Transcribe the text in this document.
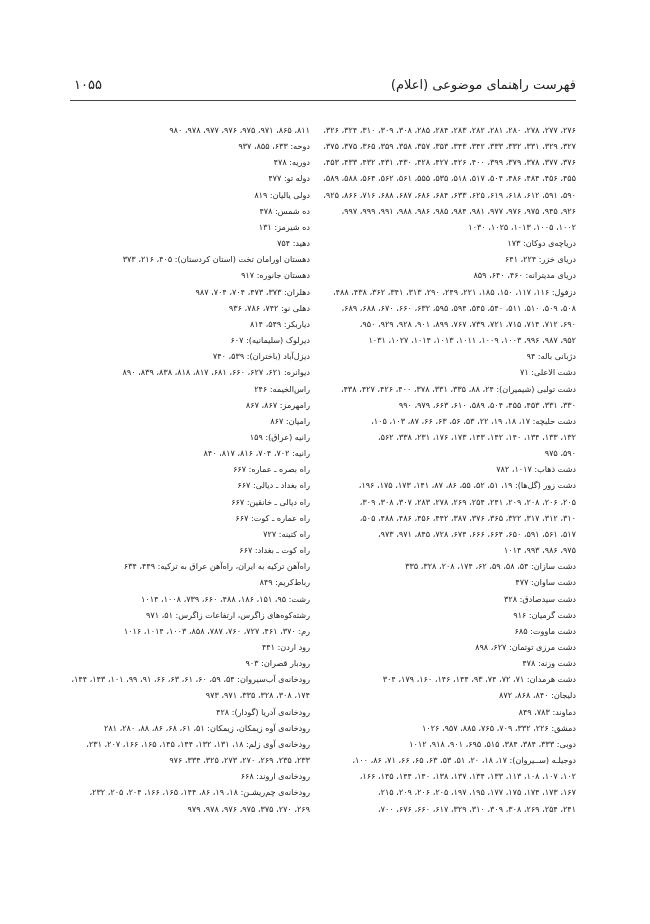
فهرست راهنمای موضوعی (اعلام)
۱۰۵۵
۲۷۶، ۲۷۷، ۲۷۸، ۲۸۰، ۲۸۱، ۲۸۲، ۲۸۳، ۲۸۴، ۲۸۵، ۳۰۸، ۳۰۹، ۳۱۰، ۳۲۴، ۳۲۶،
۳۲۷، ۳۲۹، ۳۳۱، ۳۳۲، ۳۳۳، ۳۴۲، ۳۴۳، ۳۵۳، ۳۵۷، ۳۵۸، ۳۵۹، ۳۶۵، ۳۷۵، ۳۷۵،
۳۷۶، ۳۷۷، ۳۷۸، ۳۷۹، ۳۹۹، ۴۰۰، ۴۲۶، ۴۲۷، ۴۲۸، ۴۳۰، ۴۳۱، ۴۳۲، ۴۳۳، ۴۵۳،
۴۵۵، ۴۵۶، ۴۸۴، ۴۸۶، ۵۰۴، ۵۱۷، ۵۱۸، ۵۳۵، ۵۵۵، ۵۶۱، ۵۶۲، ۵۶۴، ۵۸۸، ۵۸۹،
۵۹۰، ۵۹۱، ۶۱۲، ۶۱۸، ۶۱۹، ۶۲۵، ۶۳۳، ۶۸۴، ۶۸۶، ۶۸۷، ۶۸۸، ۷۱۶، ۸۶۶، ۹۲۵،
۹۲۶، ۹۴۵، ۹۷۵، ۹۷۶، ۹۷۷، ۹۸۱، ۹۸۴، ۹۸۵، ۹۸۶، ۹۸۸، ۹۹۱، ۹۹۹، ۹۹۷،
۱۰۰۲، ۱۰۰۵، ۱۰۱۳، ۱۰۲۵، ۱۰۳۰
دریاچه‌ی دوکان: ۱۷۳
دریای خزر: ۲۲۴، ۶۴۱
دریای مدیترانه: ۴۶۰، ۶۴۰، ۸۵۹
دزفول: ۱۱۶، ۱۱۷، ۱۵۰، ۱۸۵، ۲۲۱، ۲۴۹، ۲۹۰، ۳۱۳، ۳۴۱، ۳۶۲، ۴۳۸، ۴۸۸،
۵۰۸، ۵۰۹، ۵۱۰، ۵۱۱، ۵۴۰، ۵۴۵، ۵۹۴، ۵۹۵، ۶۳۲، ۶۶۰، ۶۷۰، ۶۸۸، ۶۸۹،
۶۹۰، ۷۱۲، ۷۱۴، ۷۱۵، ۷۲۱، ۷۳۹، ۷۶۷، ۸۹۹، ۹۰۱، ۹۲۸، ۹۲۹، ۹۵۰،
۹۵۲، ۹۸۷، ۹۹۶، ۱۰۰۳، ۱۰۰۹، ۱۰۱۱، ۱۰۱۳، ۱۰۱۴، ۱۰۲۷، ۱۰۳۱
دژبانی باله: ۹۴
دشت الاعلی: ۷۱
دشت تولبی (شیمیران): ۲۴، ۸۸، ۳۳۵، ۳۳۱، ۳۷۸، ۴۰۰، ۴۲۶، ۴۲۷، ۴۳۸،
۳۳۰، ۳۳۱، ۴۵۳، ۴۵۵، ۵۰۴، ۵۸۹، ۶۱۰، ۶۶۳، ۹۷۹، ۹۹۰
دشت حلبچه: ۱۷، ۱۸، ۱۹، ۲۲، ۵۳، ۵۶، ۶۳، ۶۶، ۸۷، ۱۰۳، ۱۰۵،
۱۳۲، ۱۳۳، ۱۳۴، ۱۴۰، ۱۴۲، ۱۴۳، ۱۷۳، ۱۷۶، ۲۳۱، ۳۳۸، ۵۶۲،
۵۹۰، ۹۷۵
دشت ذهاب: ۱۰۱۷، ۷۸۲
دشت زور (گل‌ها): ۱۹، ۵۱، ۵۲، ۵۵، ۸۶، ۸۷، ۱۴۱، ۱۷۳، ۱۷۵، ۱۹۶،
۲۰۵، ۲۰۶، ۲۰۸، ۲۰۹، ۲۴۱، ۲۵۴، ۲۶۹، ۲۷۸، ۲۸۳، ۳۰۷، ۳۰۸، ۳۰۹،
۳۱۰، ۳۱۲، ۳۱۷، ۳۲۲، ۳۶۵، ۳۷۶، ۳۸۷، ۴۴۲، ۴۵۶، ۴۸۶، ۴۸۸، ۵۰۵،
۵۱۷، ۵۶۱، ۵۹۱، ۶۵۰، ۶۶۴، ۶۶۶، ۶۷۴، ۷۲۸، ۸۴۵، ۹۷۱، ۹۷۳،
۹۷۵، ۹۸۶، ۹۹۳، ۱۰۱۴
دشت سازان: ۵۴، ۵۸، ۵۹، ۶۲، ۱۷۴، ۲۰۸، ۳۲۸، ۳۳۵
دشت ساوان: ۴۷۷
دشت سیدصادق: ۳۲۸
دشت گرمیان: ۹۱۶
دشت ماووت: ۶۸۵
دشت مرزی توتمان: ۶۲۷، ۸۹۸
دشت وزنه: ۴۷۸
دشت هرمدان: ۷۱، ۷۲، ۷۴، ۹۳، ۱۴۴، ۱۴۶، ۱۶۰، ۱۷۹، ۳۰۴
دلیجان: ۸۴۰، ۸۶۸، ۸۷۲
دماوند: ۷۸۳، ۸۴۹
دمشق: ۲۲۶، ۳۳۲، ۷۰۹، ۷۶۵، ۸۸۵، ۹۵۷، ۱۰۲۶
دوبی: ۳۳۳، ۳۸۴، ۳۸۴، ۵۱۵، ۶۹۵، ۹۰۱، ۹۱۸، ۱۰۱۲
دوجیلـه (ســیروان): ۱۷، ۱۸، ۲۰، ۵۱، ۵۳، ۶۳، ۶۵، ۶۶، ۷۱، ۸۶، ۱۰۰،
۱۰۲، ۱۰۷، ۱۰۸، ۱۱۳، ۱۳۳، ۱۳۴، ۱۳۷، ۱۳۸، ۱۴۰، ۱۴۴، ۱۴۵، ۱۶۶،
۱۶۷، ۱۷۳، ۱۷۴، ۱۷۵، ۱۷۷، ۱۹۵، ۱۹۷، ۲۰۵، ۲۰۶، ۲۰۹، ۲۱۵،
۲۴۱، ۲۵۴، ۲۶۹، ۳۰۸، ۳۰۹، ۳۱۰، ۳۲۹، ۶۱۷، ۶۶۰، ۶۷۶، ۷۰۰،
۸۱۱، ۸۶۵، ۹۷۱، ۹۷۵، ۹۷۶، ۹۷۷، ۹۷۸، ۹۸۰
دوحه: ۶۳۳، ۸۵۵، ۹۳۷
دوریه: ۴۷۸
دوله تو: ۴۷۷
دولی یالیان: ۸۱۹
ده شمس: ۴۷۸
ده شیرمز: ۱۳۱
دهید: ۷۵۴
دهستان اورامان تخت (استان کردستان): ۴۰۵، ۲۱۶، ۳۷۳
دهستان جانوره: ۹۱۷
دهلران: ۳۷۳، ۴۷۳، ۷۰۴، ۷۰۴، ۹۸۷
دهلی نو: ۷۴۲، ۷۸۶، ۹۳۶
دیاربکر: ۵۴۹، ۸۱۴
دیرلوک (سلیمانیه): ۶۰۷
دیزل‌آباد (باختران): ۵۳۹، ۷۴۰
دیوانره: ۶۲۱، ۶۲۷، ۶۶۰، ۶۸۱، ۸۱۷، ۸۱۸، ۸۳۸، ۸۳۹، ۸۹۰
راس‌الخیمه: ۲۴۶
رامهرمز: ۸۶۷، ۸۶۷
رامیان: ۸۶۷
رانیه (عراق): ۱۵۹
رانیه: ۷۰۲، ۷۰۴، ۸۱۶، ۸۱۷، ۸۴۰
راه بصره ـ عماره: ۶۶۷
راه بغداد ـ دیالی: ۶۶۷
راه دیالی ـ خانقین: ۶۶۷
راه عماره ـ کوت: ۶۶۷
راه کتینه: ۷۲۷
راه کوت ـ بغداد: ۶۶۷
راه‌آهن ترکیه به ایران، راه‌آهن عراق به ترکیه: ۴۴۹، ۶۳۴
رباط‌کریم: ۸۴۹
رشت: ۹۵، ۱۵۱، ۱۸۶، ۴۸۸، ۶۶۰، ۷۳۹، ۱۰۰۸، ۱۰۱۴
رشته‌کوه‌های زاگرس، ارتفاعات زاگرس: ۵۱، ۹۷۱
رم: ۳۷۰، ۴۶۱، ۷۲۷، ۷۶۰، ۷۸۷، ۸۵۸، ۱۰۰۳، ۱۰۱۴، ۱۰۱۶
رود اردن: ۴۴۱
رودبار قصران: ۹۰۳
رودخانه‌ی آب‌سیروان: ۵۴، ۵۹، ۶۰، ۶۱، ۶۳، ۶۶، ۹۱، ۹۹، ۱۰۱، ۱۴۳، ۱۴۴،
۱۷۴، ۳۰۸، ۳۲۸، ۳۳۵، ۹۷۱، ۹۷۳
رودخانه‌ی آدریا (گودار): ۴۲۸
رودخانه‌ی آوه زیمکان، زیمکان: ۵۱، ۶۱، ۶۸، ۸۶، ۸۸، ۲۸۰، ۲۸۱
رودخانه‌ی آوی زلم: ۱۸، ۱۳۱، ۱۳۲، ۱۴۴، ۱۴۵، ۱۶۵، ۱۶۶، ۲۰۷، ۲۳۱،
۲۳۳، ۲۳۵، ۲۶۹، ۲۷۰، ۲۷۳، ۳۲۵، ۳۳۴، ۹۷۶
رودخانه‌ی اروند: ۶۶۸
رودخانه‌ی چم‌ریشـن: ۱۸، ۱۹، ۸۶، ۱۴۴، ۱۶۵، ۱۶۶، ۲۰۴، ۲۰۵، ۲۳۲،
۲۶۹، ۲۷۰، ۳۷۵، ۹۷۵، ۹۷۶، ۹۷۸، ۹۷۹
